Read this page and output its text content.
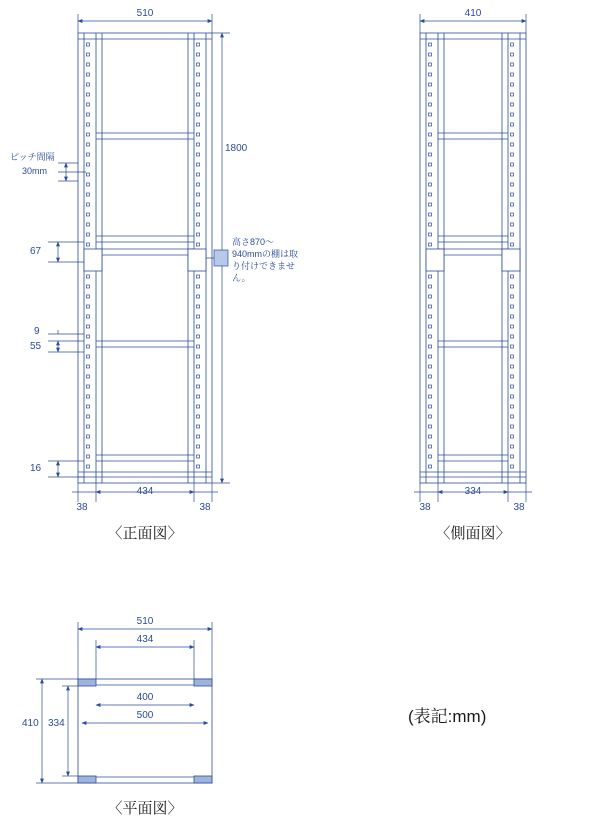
510
1800
ピッチ間隔
30mm
67
9
55
16
434
38	38
高さ870〜940mmの棚は取り付けできません。
〈正面図〉
410
334
38	38
〈側面図〉
510
434
400
500
410 334
〈平面図〉
(表記:mm)
